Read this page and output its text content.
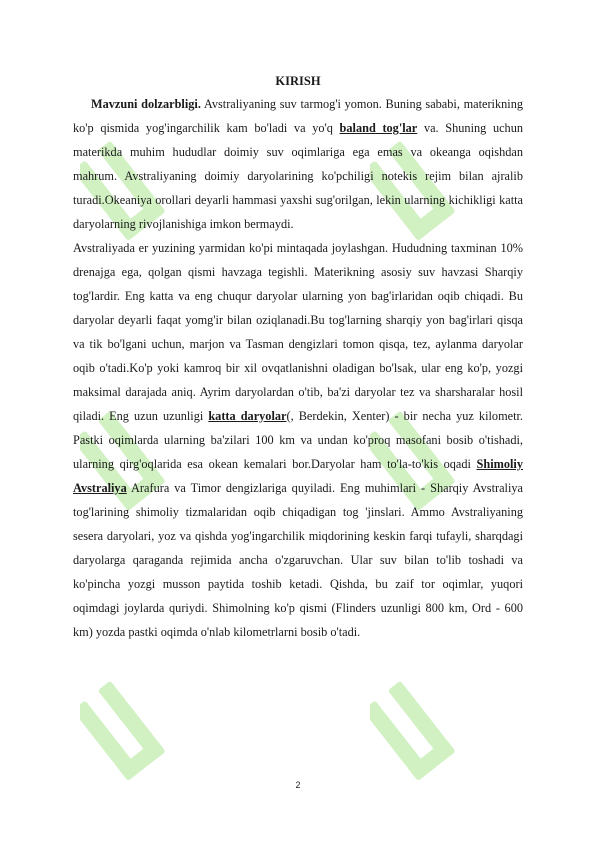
KIRISH

Mavzuni dolzarbligi. Avstraliyaning suv tarmog'i yomon. Buning sababi, materikning ko'p qismida yog'ingarchilik kam bo'ladi va yo'q baland tog'lar va. Shuning uchun materikda muhim hududlar doimiy suv oqimlariga ega emas va okeanga oqishdan mahrum. Avstraliyaning doimiy daryolarining ko'pchiligi notekis rejim bilan ajralib turadi.Okeaniya orollari deyarli hammasi yaxshi sug'orilgan, lekin ularning kichikligi katta daryolarning rivojlanishiga imkon bermaydi.

Avstraliyada er yuzining yarmidan ko'pi mintaqada joylashgan. Hududning taxminan 10% drenajga ega, qolgan qismi havzaga tegishli. Materikning asosiy suv havzasi Sharqiy tog'lardir. Eng katta va eng chuqur daryolar ularning yon bag'irlaridan oqib chiqadi. Bu daryolar deyarli faqat yomg'ir bilan oziqlanadi.Bu tog'larning sharqiy yon bag'irlari qisqa va tik bo'lgani uchun, marjon va Tasman dengizlari tomon qisqa, tez, aylanma daryolar oqib o'tadi.Ko'p yoki kamroq bir xil ovqatlanishni oladigan bo'lsak, ular eng ko'p, yozgi maksimal darajada aniq. Ayrim daryolardan o'tib, ba'zi daryolar tez va sharsharalar hosil qiladi. Eng uzun uzunligi katta daryolar(, Berdekin, Xenter) - bir necha yuz kilometr. Pastki oqimlarda ularning ba'zilari 100 km va undan ko'proq masofani bosib o'tishadi, ularning qirg'oqlarida esa okean kemalari bor.Daryolar ham to'la-to'kis oqadi Shimoliy Avstraliya Arafura va Timor dengizlariga quyiladi. Eng muhimlari - Sharqiy Avstraliya tog'larining shimoliy tizmalaridan oqib chiqadigan tog 'jinslari. Ammo Avstraliyaning sesera daryolari, yoz va qishda yog'ingarchilik miqdorining keskin farqi tufayli, sharqdagi daryolarga qaraganda rejimida ancha o'zgaruvchan. Ular suv bilan to'lib toshadi va ko'pincha yozgi musson paytida toshib ketadi. Qishda, bu zaif tor oqimlar, yuqori oqimdagi joylarda quriydi. Shimolning ko'p qismi (Flinders uzunligi 800 km, Ord - 600 km) yozda pastki oqimda o'nlab kilometrlarni bosib o'tadi.

2
